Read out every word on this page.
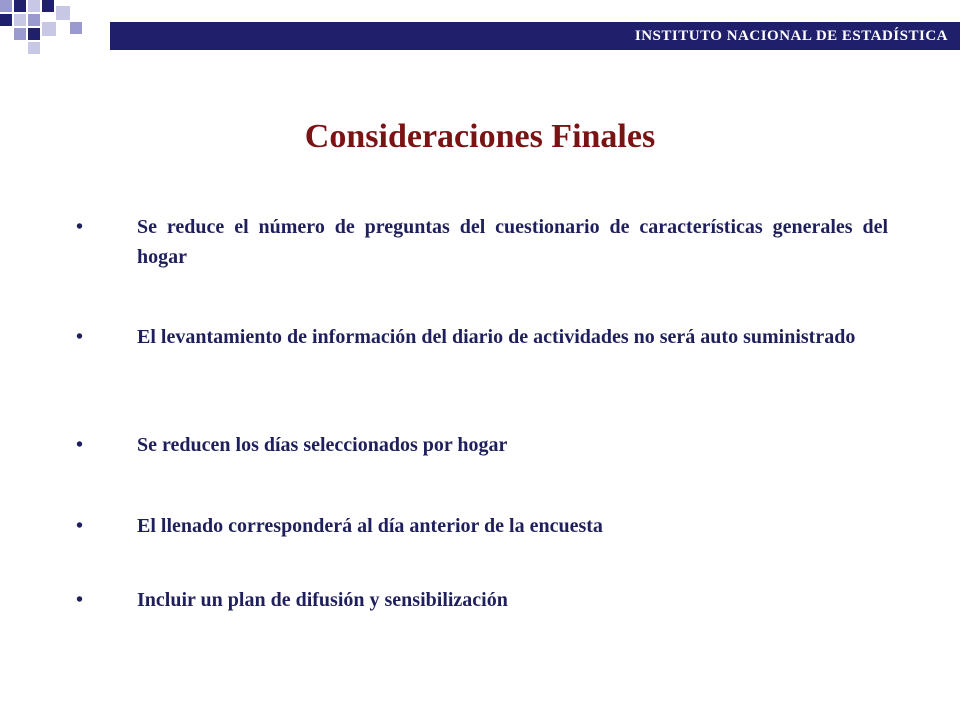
INSTITUTO NACIONAL DE ESTADÍSTICA
Consideraciones Finales
•	Se reduce el número de preguntas del cuestionario de características generales del hogar
•	El levantamiento de información del diario de actividades no será auto suministrado
•	Se reducen los días seleccionados por hogar
•	El llenado corresponderá al día anterior de la encuesta
•	Incluir un plan de difusión y sensibilización
